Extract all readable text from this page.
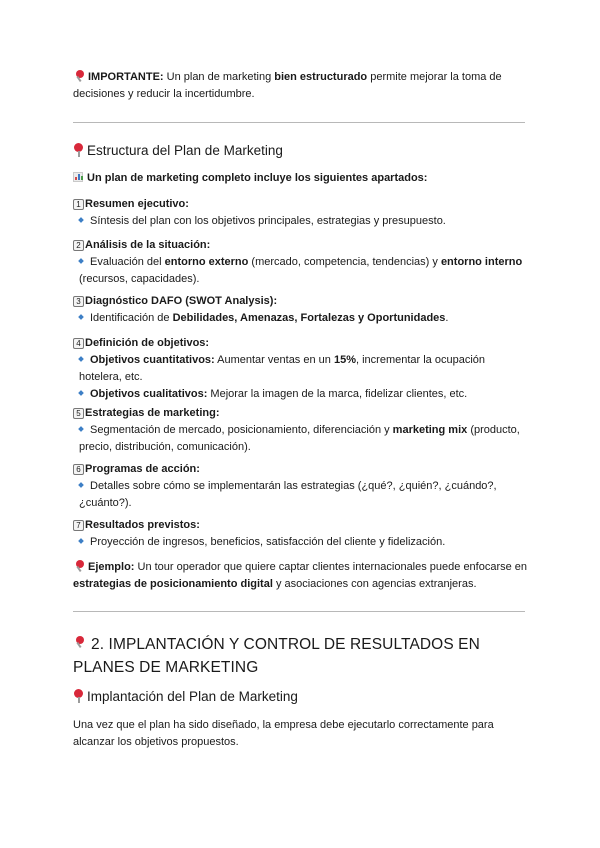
IMPORTANTE: Un plan de marketing bien estructurado permite mejorar la toma de decisiones y reducir la incertidumbre.
Estructura del Plan de Marketing
Un plan de marketing completo incluye los siguientes apartados:
1 Resumen ejecutivo:
Síntesis del plan con los objetivos principales, estrategias y presupuesto.
2 Análisis de la situación:
Evaluación del entorno externo (mercado, competencia, tendencias) y entorno interno (recursos, capacidades).
3 Diagnóstico DAFO (SWOT Analysis):
Identificación de Debilidades, Amenazas, Fortalezas y Oportunidades.
4 Definición de objetivos:
Objetivos cuantitativos: Aumentar ventas en un 15%, incrementar la ocupación hotelera, etc.
Objetivos cualitativos: Mejorar la imagen de la marca, fidelizar clientes, etc.
5 Estrategias de marketing:
Segmentación de mercado, posicionamiento, diferenciación y marketing mix (producto, precio, distribución, comunicación).
6 Programas de acción:
Detalles sobre cómo se implementarán las estrategias (¿qué?, ¿quién?, ¿cuándo?, ¿cuánto?).
7 Resultados previstos:
Proyección de ingresos, beneficios, satisfacción del cliente y fidelización.
Ejemplo: Un tour operador que quiere captar clientes internacionales puede enfocarse en estrategias de posicionamiento digital y asociaciones con agencias extranjeras.
2. IMPLANTACIÓN Y CONTROL DE RESULTADOS EN PLANES DE MARKETING
Implantación del Plan de Marketing
Una vez que el plan ha sido diseñado, la empresa debe ejecutarlo correctamente para alcanzar los objetivos propuestos.
